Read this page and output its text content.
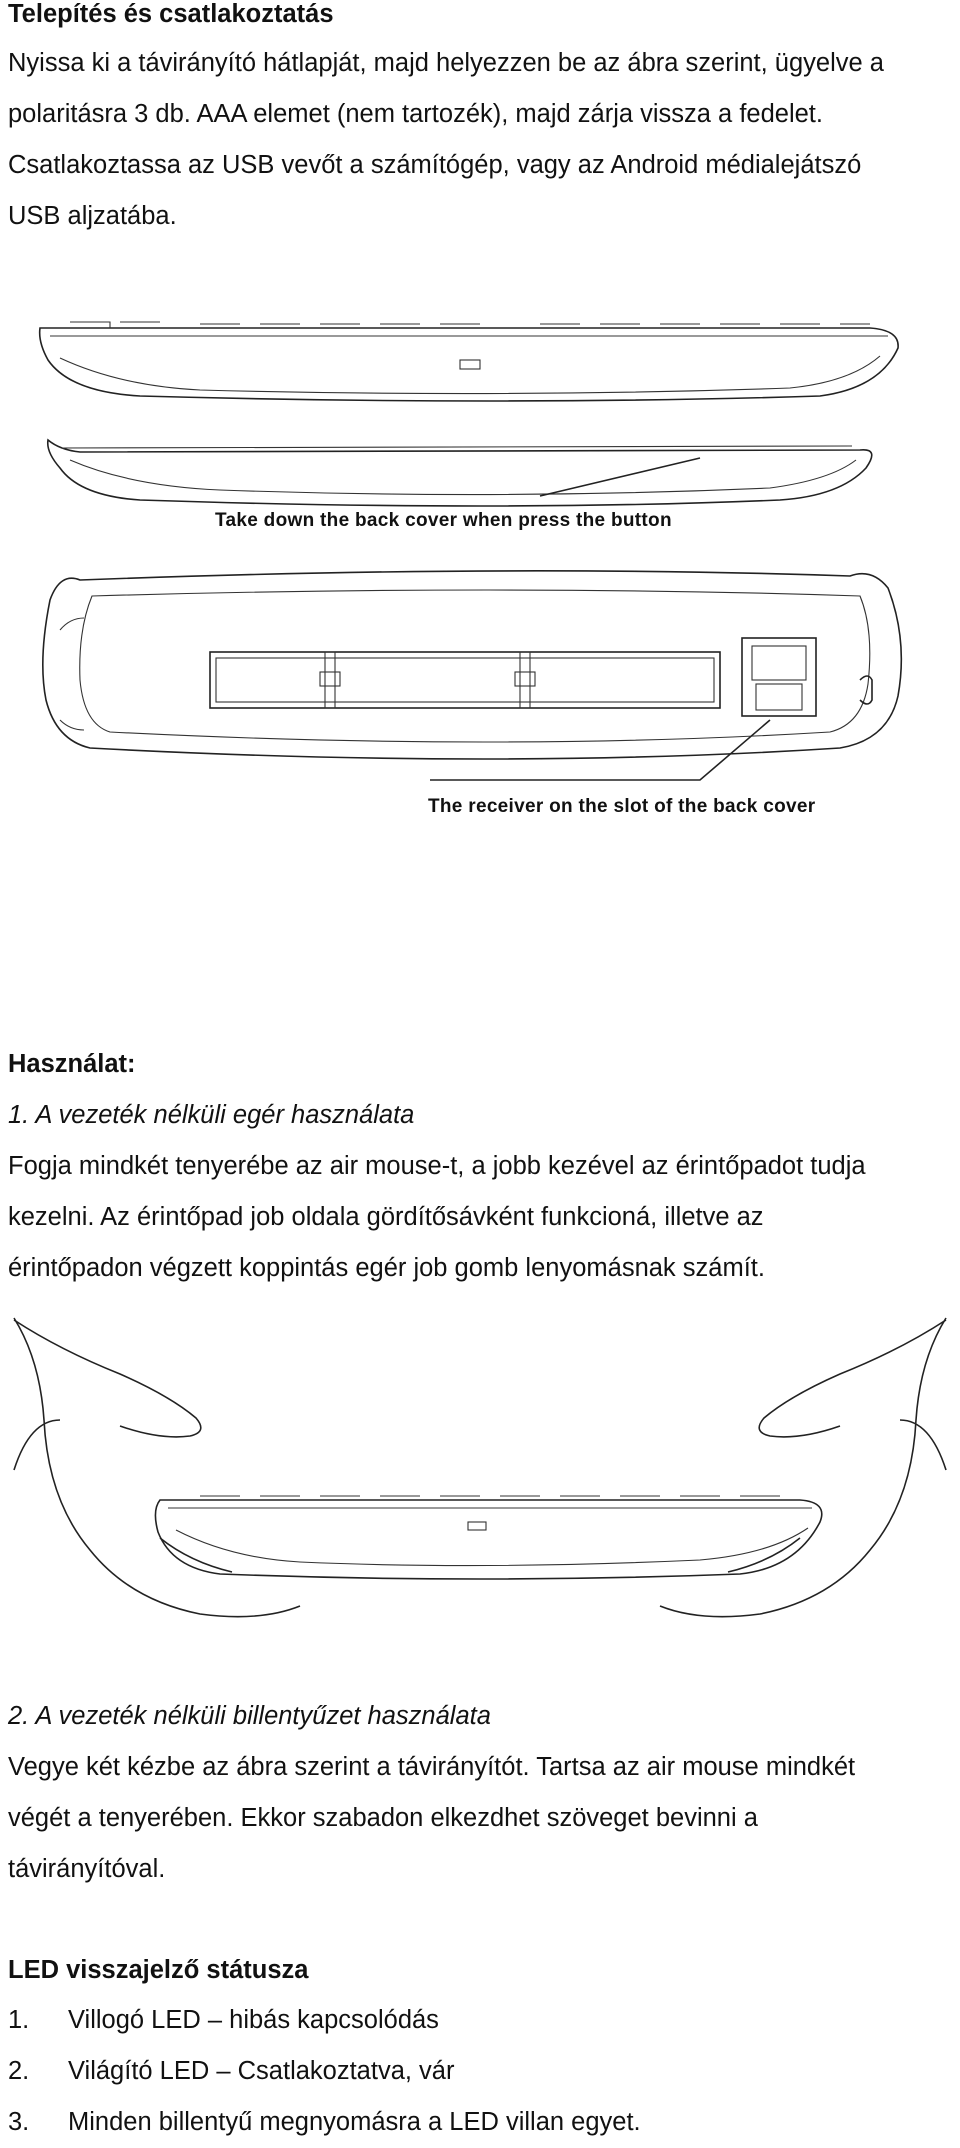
Telepítés és csatlakoztatás

Nyissa ki a távirányító hátlapját, majd helyezzen be az ábra szerint, ügyelve a

polaritásra 3 db. AAA elemet (nem tartozék), majd zárja vissza a fedelet.

Csatlakoztassa az USB vevőt a számítógép, vagy az Android médialejátszó

USB aljzatába.

Take down the back cover when press the button
The receiver on the slot of the back cover

Használat:

1. A vezeték nélküli egér használata

Fogja mindkét tenyerébe az air mouse-t, a jobb kezével az érintőpadot tudja

kezelni. Az érintőpad job oldala gördítősávként funkcioná, illetve az

érintőpadon végzett koppintás egér job gomb lenyomásnak számít.

2. A vezeték nélküli billentyűzet használata

Vegye két kézbe az ábra szerint a távirányítót. Tartsa az air mouse mindkét

végét a tenyerében. Ekkor szabadon elkezdhet szöveget bevinni a

távirányítóval.

LED visszajelző státusza

1. Villogó LED – hibás kapcsolódás

2. Világító LED – Csatlakoztatva, vár

3. Minden billentyű megnyomásra a LED villan egyet.
